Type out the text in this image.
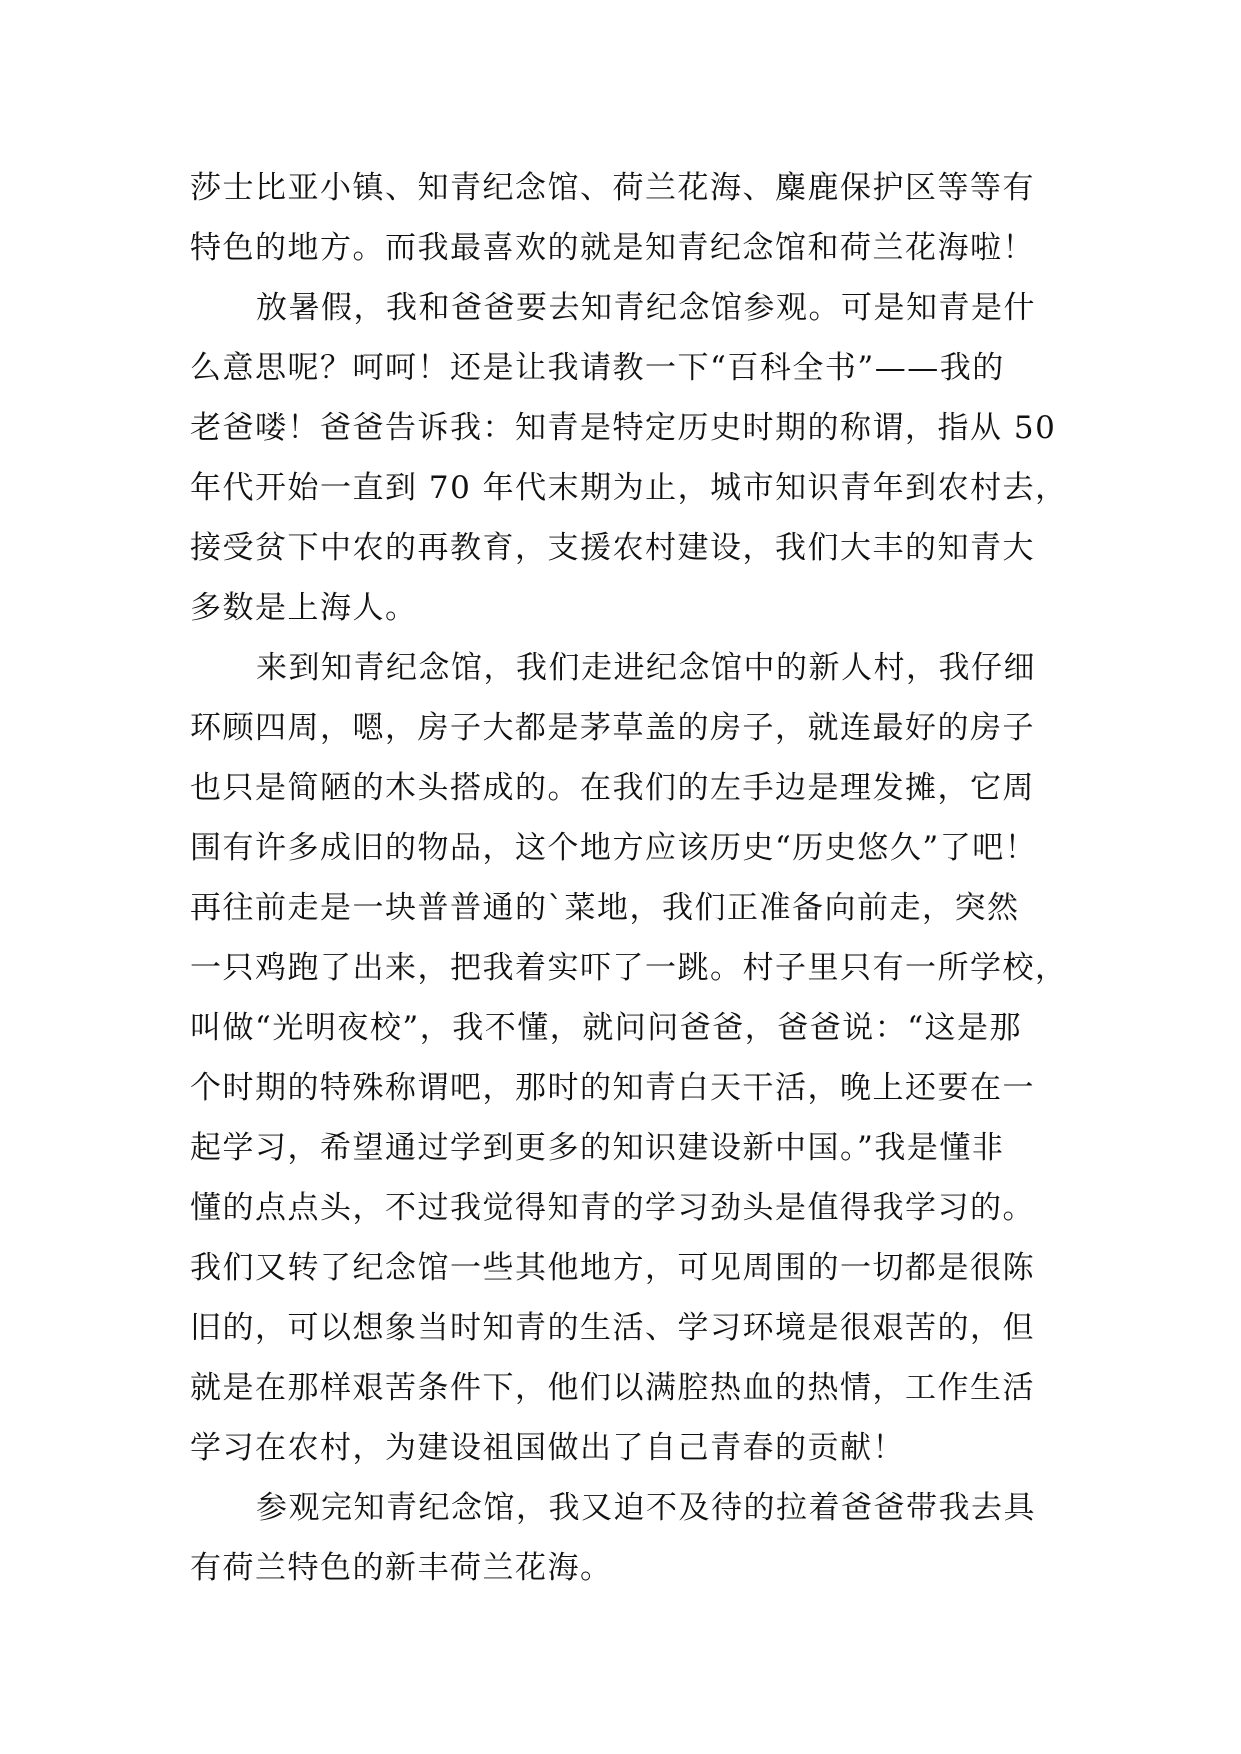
莎士比亚小镇、知青纪念馆、荷兰花海、麋鹿保护区等等有
特色的地方。而我最喜欢的就是知青纪念馆和荷兰花海啦！
放暑假，我和爸爸要去知青纪念馆参观。可是知青是什
么意思呢？呵呵！还是让我请教一下“百科全书”——我的
老爸喽！爸爸告诉我：知青是特定历史时期的称谓，指从 50
年代开始一直到 70 年代末期为止，城市知识青年到农村去，
接受贫下中农的再教育，支援农村建设，我们大丰的知青大
多数是上海人。
来到知青纪念馆，我们走进纪念馆中的新人村，我仔细
环顾四周，嗯，房子大都是茅草盖的房子，就连最好的房子
也只是简陋的木头搭成的。在我们的左手边是理发摊，它周
围有许多成旧的物品，这个地方应该历史“历史悠久”了吧！
再往前走是一块普普通的`菜地，我们正准备向前走，突然
一只鸡跑了出来，把我着实吓了一跳。村子里只有一所学校，
叫做“光明夜校”，我不懂，就问问爸爸，爸爸说：“这是那
个时期的特殊称谓吧，那时的知青白天干活，晚上还要在一
起学习，希望通过学到更多的知识建设新中国。”我是懂非
懂的点点头，不过我觉得知青的学习劲头是值得我学习的。
我们又转了纪念馆一些其他地方，可见周围的一切都是很陈
旧的，可以想象当时知青的生活、学习环境是很艰苦的，但
就是在那样艰苦条件下，他们以满腔热血的热情，工作生活
学习在农村，为建设祖国做出了自己青春的贡献！
参观完知青纪念馆，我又迫不及待的拉着爸爸带我去具
有荷兰特色的新丰荷兰花海。
